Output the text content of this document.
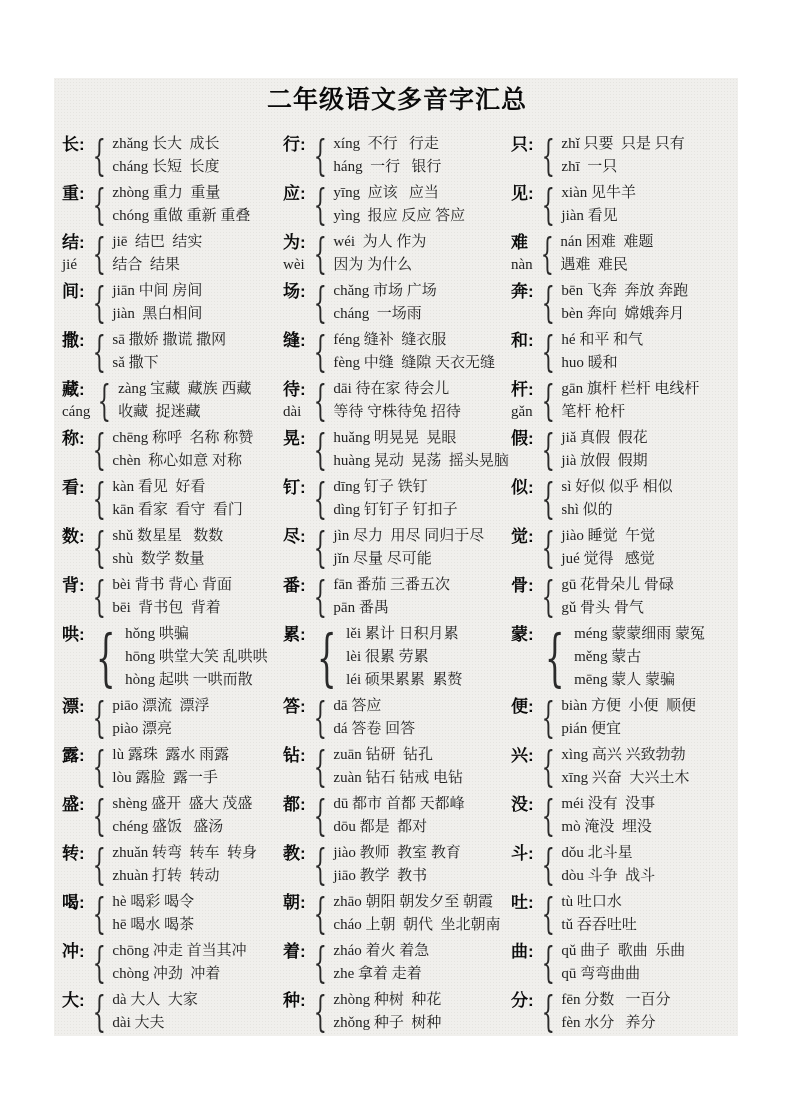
二年级语文多音字汇总
长: { zhǎng 长大  成长
cháng 长短  长度
行: { xíng  不行   行走
háng  一行   银行
只: { zhǐ 只要  只是 只有
zhī  一只
重: { zhòng 重力  重量
chóng 重做 重新 重叠
应: { yīng  应该   应当
yìng  报应 反应 答应
见: { xiàn 见牛羊
jiàn 看见
结:
jié { jiē  结巴  结实
结合  结果
为:
wèi { wéi  为人 作为
因为 为什么
难
nàn { nán 困难  难题
遇难  难民
间: { jiān 中间 房间
jiàn  黑白相间
场: { chǎng 市场 广场
cháng  一场雨
奔: { bēn 飞奔  奔放 奔跑
bèn 奔向  嫦娥奔月
撒: { sā 撒娇 撒谎 撒网
sǎ 撒下
缝: { féng 缝补  缝衣服
fèng 中缝  缝隙 天衣无缝
和: { hé 和平 和气
huo 暖和
藏:
cáng { zàng 宝藏  藏族 西藏
收藏  捉迷藏
待:
dài { dāi 待在家 待会儿
等待 守株待兔 招待
杆:
gǎn { gān 旗杆 栏杆 电线杆
笔杆 枪杆
称: { chēng 称呼  名称 称赞
chèn  称心如意 对称
晃: { huǎng 明晃晃  晃眼
huàng 晃动  晃荡  摇头晃脑
假: { jiǎ 真假  假花
jià 放假  假期
看: { kàn 看见  好看
kān 看家  看守  看门
钉: { dīng 钉子 铁钉
dìng 钉钉子 钉扣子
似: { sì 好似 似乎 相似
shì 似的
数: { shǔ 数星星   数数
shù  数学 数量
尽: { jìn 尽力  用尽 同归于尽
jǐn 尽量 尽可能
觉: { jiào 睡觉  午觉
jué 觉得   感觉
背: { bèi 背书 背心 背面
bēi  背书包  背着
番: { fān 番茄 三番五次
pān 番禺
骨: { gū 花骨朵儿 骨碌
gǔ 骨头 骨气
哄: { hǒng 哄骗
hōng 哄堂大笑 乱哄哄
hòng 起哄 一哄而散
累: { lěi 累计 日积月累
lèi 很累 劳累
léi 硕果累累  累赘
蒙: { méng 蒙蒙细雨 蒙冤
měng 蒙古
mēng 蒙人 蒙骗
漂: { piāo 漂流  漂浮
piào 漂亮
答: { dā 答应
dá 答卷 回答
便: { biàn 方便  小便  顺便
pián 便宜
露: { lù 露珠  露水 雨露
lòu 露脸  露一手
钻: { zuān 钻研  钻孔
zuàn 钻石 钻戒 电钻
兴: { xìng 高兴 兴致勃勃
xīng 兴奋  大兴土木
盛: { shèng 盛开  盛大 茂盛
chéng 盛饭   盛汤
都: { dū 都市 首都 天都峰
dōu 都是  都对
没: { méi 没有  没事
mò 淹没  埋没
转: { zhuǎn 转弯  转车  转身
zhuàn 打转  转动
教: { jiào 教师  教室 教育
jiāo 教学  教书
斗: { dǒu 北斗星
dòu 斗争  战斗
喝: { hè 喝彩 喝令
hē 喝水 喝茶
朝: { zhāo 朝阳 朝发夕至 朝霞
cháo 上朝  朝代  坐北朝南
吐: { tù 吐口水
tǔ 吞吞吐吐
冲: { chōng 冲走 首当其冲
chòng 冲劲  冲着
着: { zháo 着火 着急
zhe 拿着 走着
曲: { qǔ 曲子  歌曲  乐曲
qū 弯弯曲曲
大: { dà 大人  大家
dài 大夫
种: { zhòng 种树  种花
zhǒng 种子  树种
分: { fēn 分数   一百分
fèn 水分   养分
